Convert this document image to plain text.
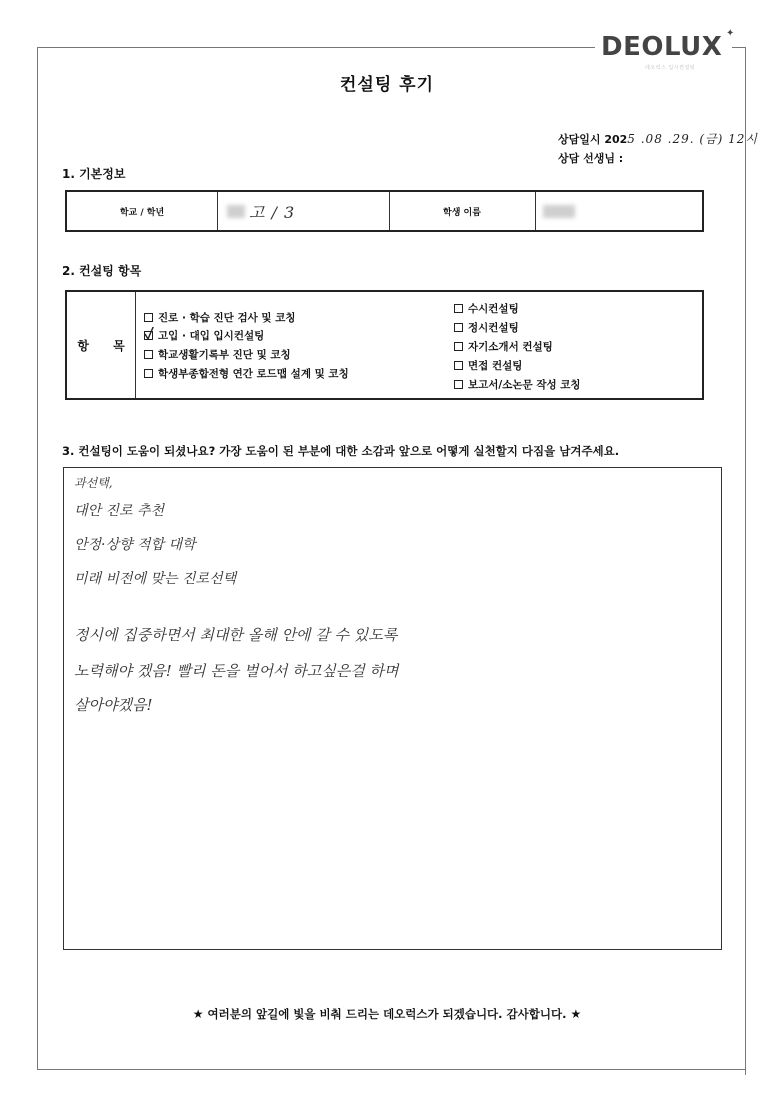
DEOLUX ✦
데오럭스 입시컨설팅
컨설팅 후기
상담일시 2025 .08 .29. (금) 12시
상담 선생님 :
1. 기본정보
학교 / 학년	고 / 3	학생 이름
2. 컨설팅 항목
항 목
진로 · 학습 진단 검사 및 코칭
고입 · 대입 입시컨설팅
학교생활기록부 진단 및 코칭
학생부종합전형 연간 로드맵 설계 및 코칭
수시컨설팅
정시컨설팅
자기소개서 컨설팅
면접 컨설팅
보고서/소논문 작성 코칭
3. 컨설팅이 도움이 되셨나요? 가장 도움이 된 부분에 대한 소감과 앞으로 어떻게 실천할지 다짐을 남겨주세요.
과선택,
대안 진로 추천
안정·상향 적합 대학
미래 비전에 맞는 진로선택
정시에 집중하면서 최대한 올해 안에 갈 수 있도록
노력해야 겠음! 빨리 돈을 벌어서 하고싶은걸 하며
살아야겠음!
★ 여러분의 앞길에 빛을 비춰 드리는 데오럭스가 되겠습니다. 감사합니다. ★
